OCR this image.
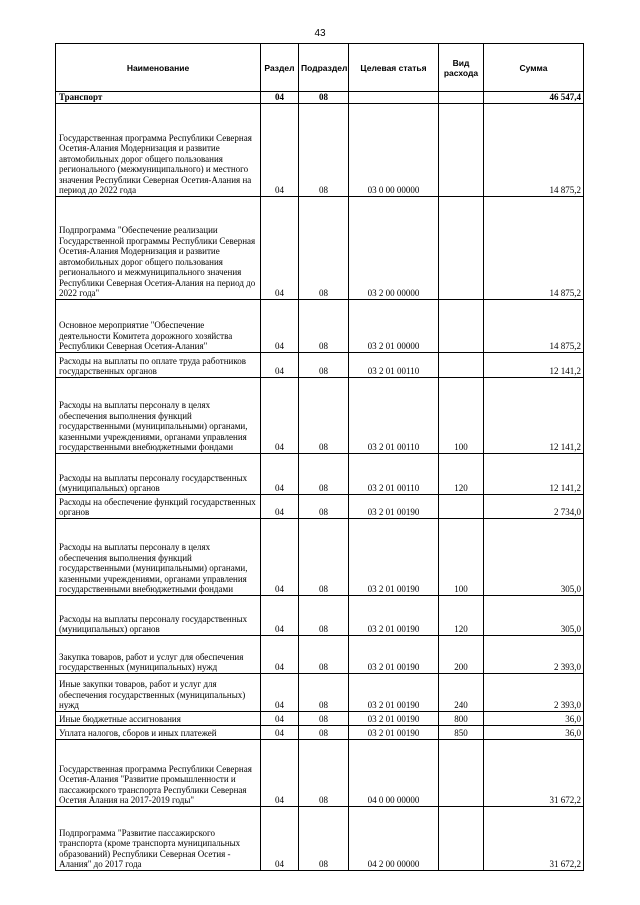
43
Наименование	Раздел	Подраздел	Целевая статья	Вид расхода	Сумма
Транспорт	04	08			46 547,4
Государственная программа Республики Северная Осетия-Алания Модернизация и развитие автомобильных дорог общего пользования регионального (межмуниципального) и местного значения Республики Северная Осетия-Алания на период до 2022 года	04	08	03 0 00 00000		14 875,2
Подпрограмма "Обеспечение реализации Государственной программы Республики Северная Осетия-Алания Модернизация и развитие автомобильных дорог общего пользования регионального и межмуниципального значения Республики Северная Осетия-Алания на период до 2022 года"	04	08	03 2 00 00000		14 875,2
Основное мероприятие "Обеспечение деятельности Комитета дорожного хозяйства Республики Северная Осетия-Алания"	04	08	03 2 01 00000		14 875,2
Расходы на выплаты по оплате труда работников государственных органов	04	08	03 2 01 00110		12 141,2
Расходы на выплаты персоналу в целях обеспечения выполнения функций государственными (муниципальными) органами, казенными учреждениями, органами управления государственными внебюджетными фондами	04	08	03 2 01 00110	100	12 141,2
Расходы на выплаты персоналу государственных (муниципальных) органов	04	08	03 2 01 00110	120	12 141,2
Расходы на обеспечение функций государственных органов	04	08	03 2 01 00190		2 734,0
Расходы на выплаты персоналу в целях обеспечения выполнения функций государственными (муниципальными) органами, казенными учреждениями, органами управления государственными внебюджетными фондами	04	08	03 2 01 00190	100	305,0
Расходы на выплаты персоналу государственных (муниципальных) органов	04	08	03 2 01 00190	120	305,0
Закупка товаров, работ и услуг для обеспечения государственных (муниципальных) нужд	04	08	03 2 01 00190	200	2 393,0
Иные закупки товаров, работ и услуг для обеспечения государственных (муниципальных) нужд	04	08	03 2 01 00190	240	2 393,0
Иные бюджетные ассигнования	04	08	03 2 01 00190	800	36,0
Уплата налогов, сборов и иных платежей	04	08	03 2 01 00190	850	36,0
Государственная программа Республики Северная Осетия-Алания "Развитие промышленности и пассажирского транспорта Республики Северная Осетия Алания на 2017-2019 годы"	04	08	04 0 00 00000		31 672,2
Подпрограмма "Развитие пассажирского транспорта (кроме транспорта муниципальных образований) Республики Северная Осетия - Алания" до 2017 года	04	08	04 2 00 00000		31 672,2
